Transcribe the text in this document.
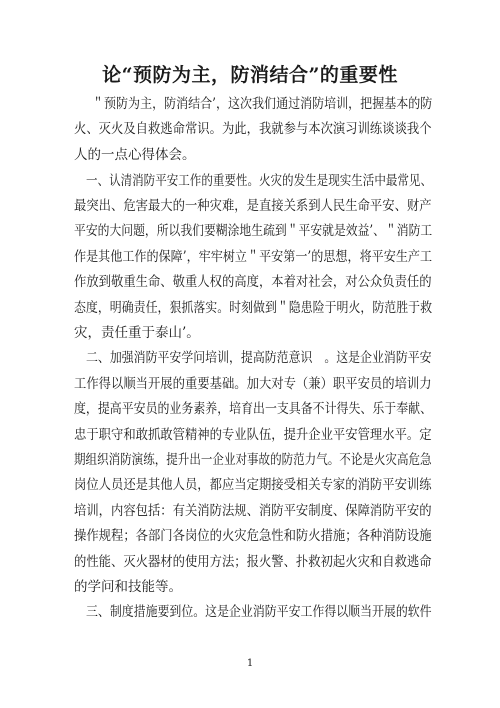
论“预防为主，防消结合”的重要性
＂预防为主，防消结合’，这次我们通过消防培训，把握基本的防
火、灭火及自救逃命常识。为此，我就参与本次演习训练谈谈我个
人的一点心得体会。
一、认清消防平安工作的重要性。火灾的发生是现实生活中最常见、
最突出、危害最大的一种灾难，是直接关系到人民生命平安、财产
平安的大问题，所以我们要糊涂地生疏到＂平安就是效益’、＂消防工
作是其他工作的保障’，牢牢树立＂平安第一’的思想，将平安生产工
作放到敬重生命、敬重人权的高度，本着对社会，对公众负责任的
态度，明确责任，狠抓落实。时刻做到＂隐患险于明火，防范胜于救
灾，责任重于泰山’。
二、加强消防平安学问培训，提高防范意识　。这是企业消防平安
工作得以顺当开展的重要基础。加大对专（兼）职平安员的培训力
度，提高平安员的业务素养，培育出一支具备不计得失、乐于奉献、
忠于职守和敢抓敢管精神的专业队伍，提升企业平安管理水平。定
期组织消防演练，提升出一企业对事故的防范力气。不论是火灾高危急
岗位人员还是其他人员，都应当定期接受相关专家的消防平安训练
培训，内容包括：有关消防法规、消防平安制度、保障消防平安的
操作规程；各部门各岗位的火灾危急性和防火措施；各种消防设施
的性能、灭火器材的使用方法；报火警、扑救初起火灾和自救逃命
的学问和技能等。
三、制度措施要到位。这是企业消防平安工作得以顺当开展的软件
1
